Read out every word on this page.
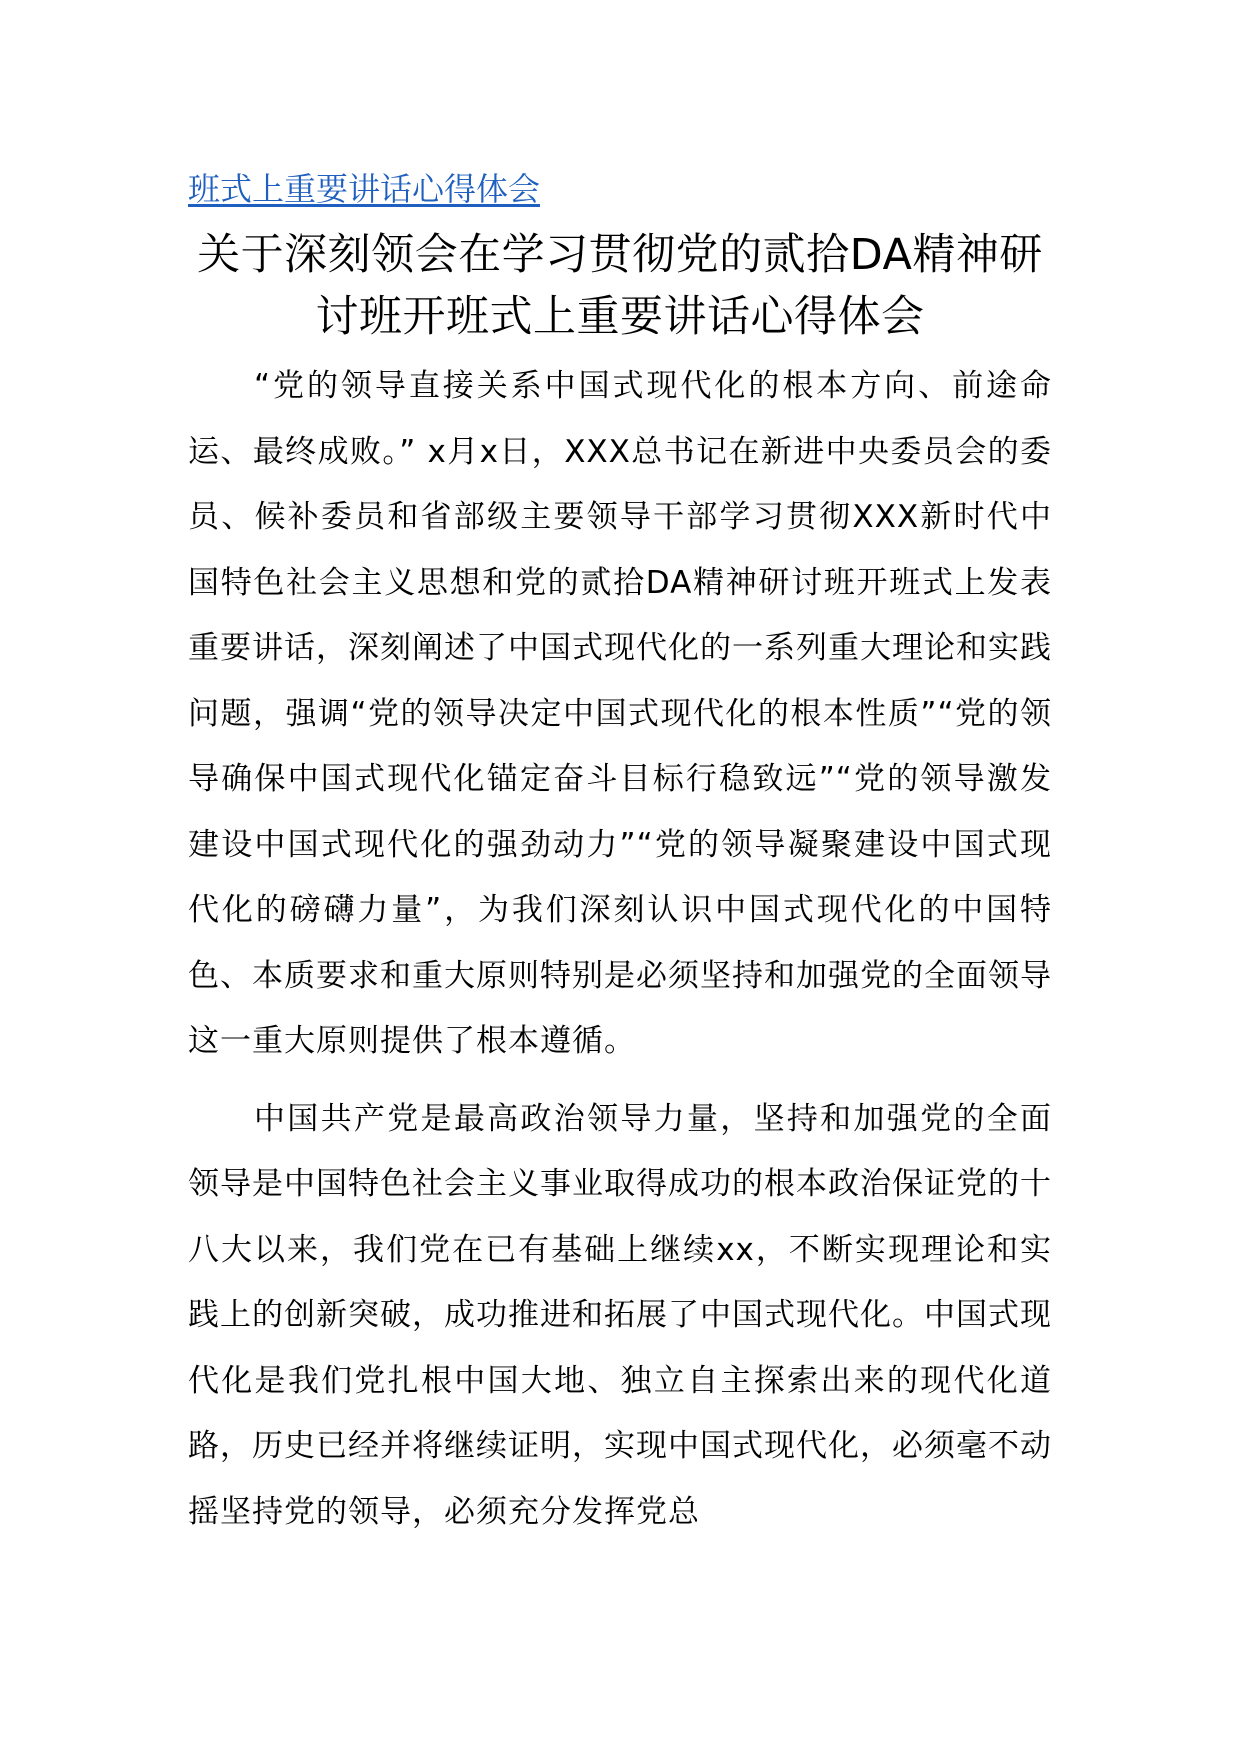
班式上重要讲话心得体会
关于深刻领会在学习贯彻党的贰拾DA精神研讨班开班式上重要讲话心得体会

“党的领导直接关系中国式现代化的根本方向、前途命运、最终成败。” x月x日，XXX总书记在新进中央委员会的委员、候补委员和省部级主要领导干部学习贯彻XXX新时代中国特色社会主义思想和党的贰拾DA精神研讨班开班式上发表重要讲话，深刻阐述了中国式现代化的一系列重大理论和实践问题，强调“党的领导决定中国式现代化的根本性质”“党的领导确保中国式现代化锚定奋斗目标行稳致远”“党的领导激发建设中国式现代化的强劲动力”“党的领导凝聚建设中国式现代化的磅礴力量”，为我们深刻认识中国式现代化的中国特色、本质要求和重大原则特别是必须坚持和加强党的全面领导这一重大原则提供了根本遵循。

中国共产党是最高政治领导力量，坚持和加强党的全面领导是中国特色社会主义事业取得成功的根本政治保证党的十八大以来，我们党在已有基础上继续xx，不断实现理论和实践上的创新突破，成功推进和拓展了中国式现代化。中国式现代化是我们党扎根中国大地、独立自主探索出来的现代化道路，历史已经并将继续证明，实现中国式现代化，必须毫不动摇坚持党的领导，必须充分发挥党总
